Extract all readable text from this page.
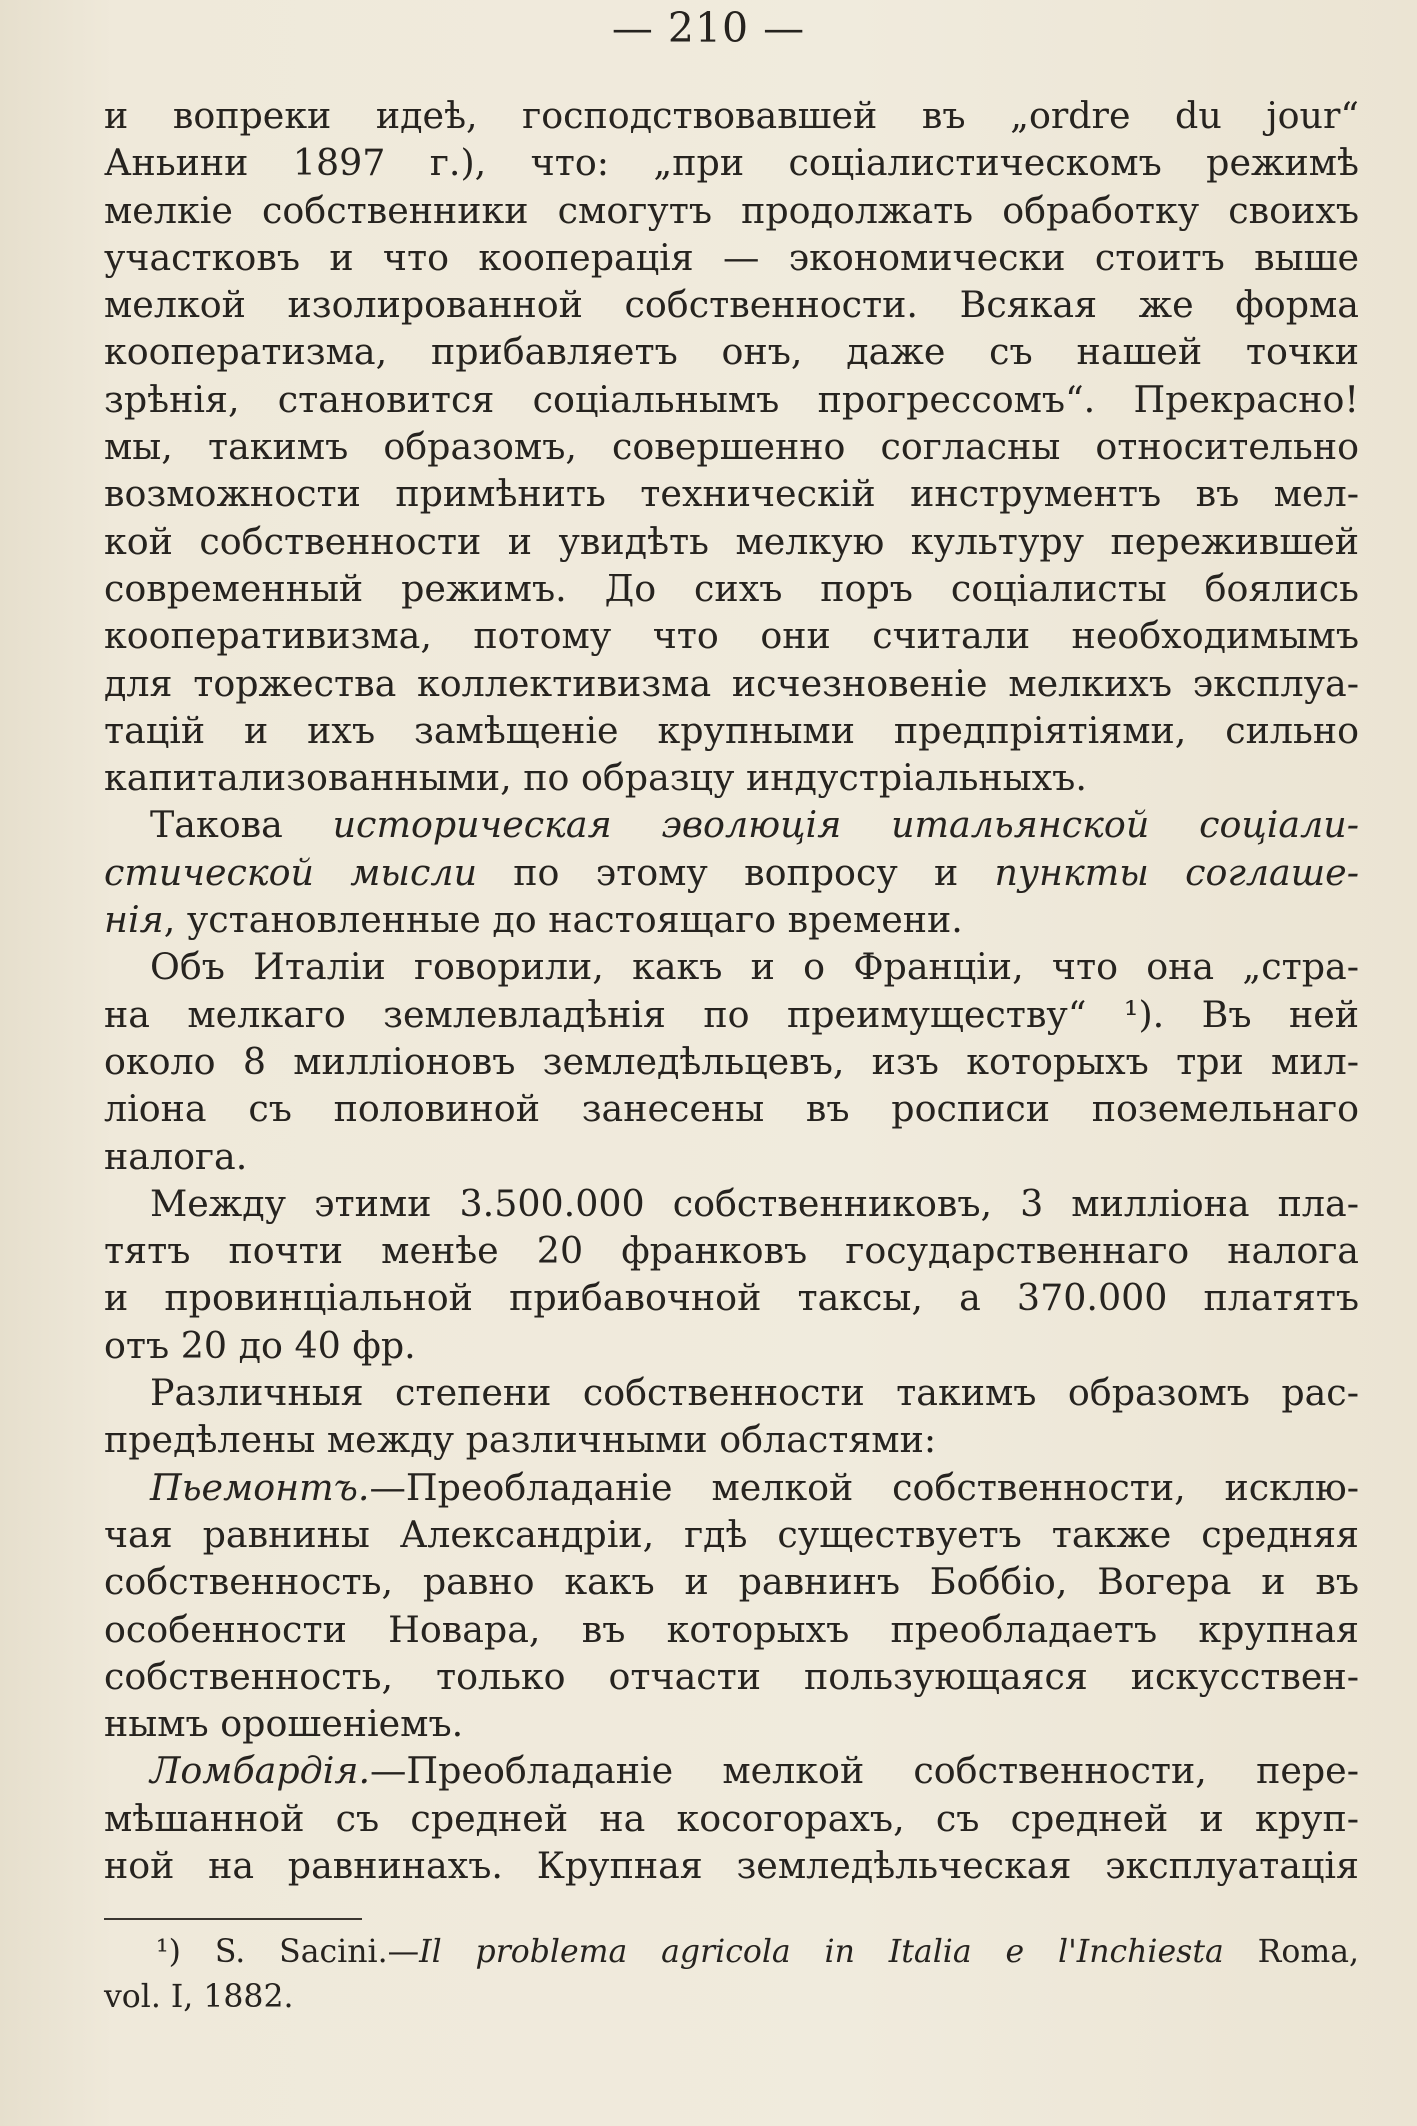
— 210 —

и вопреки идеѣ, господствовавшей въ „ordre du jour“

Аньини 1897 г.), что: „при соціалистическомъ режимѣ

мелкіе собственники смогутъ продолжать обработку своихъ

участковъ и что кооперація — экономически стоитъ выше

мелкой изолированной собственности. Всякая же форма

кооператизма, прибавляетъ онъ, даже съ нашей точки

зрѣнія, становится соціальнымъ прогрессомъ“. Прекрасно!

мы, такимъ образомъ, совершенно согласны относительно

возможности примѣнить техническій инструментъ въ мел-

кой собственности и увидѣть мелкую культуру пережившей

современный режимъ. До сихъ поръ соціалисты боялись

кооперативизма, потому что они считали необходимымъ

для торжества коллективизма исчезновеніе мелкихъ эксплуа-

тацій и ихъ замѣщеніе крупными предпріятіями, сильно

капитализованными, по образцу индустріальныхъ.

Такова историческая эволюція итальянской соціали-

стической мысли по этому вопросу и пункты соглаше-

нія, установленные до настоящаго времени.

Объ Италіи говорили, какъ и о Франціи, что она „стра-

на мелкаго землевладѣнія по преимуществу“ ¹). Въ ней

около 8 милліоновъ земледѣльцевъ, изъ которыхъ три мил-

ліона съ половиной занесены въ росписи поземельнаго

налога.

Между этими 3.500.000 собственниковъ, 3 милліона пла-

тятъ почти менѣе 20 франковъ государственнаго налога

и провинціальной прибавочной таксы, а 370.000 платятъ

отъ 20 до 40 фр.

Различныя степени собственности такимъ образомъ рас-

предѣлены между различными областями:

Пьемонтъ.—Преобладаніе мелкой собственности, исклю-

чая равнины Александріи, гдѣ существуетъ также средняя

собственность, равно какъ и равнинъ Боббіо, Вогера и въ

особенности Новара, въ которыхъ преобладаетъ крупная

собственность, только отчасти пользующаяся искусствен-

нымъ орошеніемъ.

Ломбардія.—Преобладаніе мелкой собственности, пере-

мѣшанной съ средней на косогорахъ, съ средней и круп-

ной на равнинахъ. Крупная земледѣльческая эксплуатація

¹) S. Sacini.—Il problema agricola in Italia e l'Inchiesta Roma,

vol. I, 1882.
